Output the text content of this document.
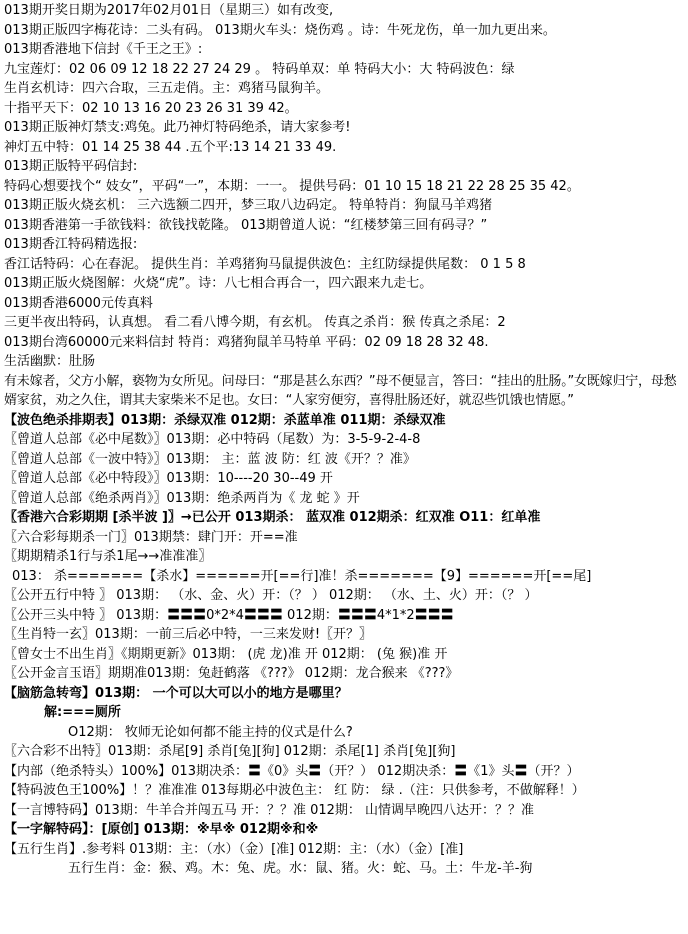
013期开奖日期为2017年02月01日（星期三）如有改变,
013期正版四字梅花诗：二头有码。 013期火车头：烧伤鸡 。诗：牛死龙伤，单一加九更出来。
013期香港地下信封《千王之王》:
九宝莲灯：02 06 09 12 18 22 27 24 29 。 特码单双：单 特码大小：大 特码波色：绿
生肖玄机诗：四六合取，三五走俏。主：鸡猪马鼠狗羊。
十指平天下：02 10 13 16 20 23 26 31 39 42。
013期正版神灯禁支:鸡兔。此乃神灯特码绝杀，请大家参考!
神灯五中特：01 14 25 38 44 .五个平:13 14 21 33 49.
013期正版特平码信封:
特码心想要找个“ 妓女”，平码“一”，本期：一一。 提供号码：01 10 15 18 21 22 28 25 35 42。
013期正版火烧玄机： 三六选额二四开，梦三取八边码定。 特单特肖：狗鼠马羊鸡猪
013期香港第一手欲钱料：欲钱找乾隆。 013期曾道人说：“红楼梦第三回有码寻？”
013期香江特码精选报:
香江话特码：心在春泥。 提供生肖：羊鸡猪狗马鼠提供波色：主红防绿提供尾数： 0 1 5 8
013期正版火烧图解：火烧“虎”。诗：八七相合再合一，四六跟来九走七。
013期香港6000元传真料
三更半夜出特码，认真想。 看二看八博今期，有玄机。 传真之杀肖：猴 传真之杀尾：2
013期台湾60000元来料信封 特肖：鸡猪狗鼠羊马特单 平码：02 09 18 28 32 48.
生活幽默：肚肠
有未嫁者，父方小解，亵物为女所见。问母曰：“那是甚么东西？”母不便显言，答曰：“挂出的肚肠。”女既嫁归宁，母愁婿家贫，劝之久住，谓其夫家柴米不足也。女曰：“人家穷便穷，喜得肚肠还好，就忍些饥饿也情愿。”
【波色绝杀排期表】013期：杀绿双准 012期：杀蓝单准 011期：杀绿双准
〖曾道人总部《必中尾数》〗013期：必中特码（尾数）为：3-5-9-2-4-8
〖曾道人总部《一波中特》〗013期： 主：蓝 波 防：红 波《开？？准》
〖曾道人总部《必中特段》〗013期：10----20 30--49 开
〖曾道人总部《绝杀两肖》〗013期：绝杀两肖为《 龙 蛇 》开
〖香港六合彩期期 [杀半波 ]〗→已公开 013期杀： 蓝双准 012期杀：红双准 O11：红单准
〖六合彩每期杀一门〗013期禁：肆门开：开==准
〖期期精杀1行与杀1尾→→准准准〗
013： 杀=======【杀水】======开[==行]准！杀=======【9】======开[==尾]
〖公开五行中特 〗 013期： （水、金、火）开：（？ ） 012期： （水、土、火）开：（？ ）
〖公开三头中特 〗 013期：〓〓〓0*2*4〓〓〓 012期：〓〓〓4*1*2〓〓〓
〖生肖特一玄〗013期：一前三后必中特，一三来发财!〖开？〗
〖曾女士不出生肖〗《期期更新》013期： (虎 龙)准 开 012期： (兔 猴)准 开
〖公开金言玉语〗期期准013期：兔赶鹤落 《???》 012期：龙合猴来 《???》
【脑筋急转弯】013期： 一个可以大可以小的地方是哪里？
解:===厕所
O12期： 牧师无论如何都不能主持的仪式是什么?
〖六合彩不出特〗013期：杀尾[9] 杀肖[兔][狗] 012期：杀尾[1] 杀肖[兔][狗]
【内部（绝杀特头）100%】013期决杀：〓《0》头〓（开？） 012期决杀：〓《1》头〓（开？）
【特码波色王100%】！？准准准 013每期必中波色主： 红 防： 绿 .（注：只供参考，不做解释！）
【一言博特码】013期：牛羊合并闯五马 开：？？准 012期： 山情调早晚四八达开：？？准
【一字解特码】：[原创] 013期：※早※ 012期※和※
【五行生肖】.参考料 013期：主：（水）（金）[准] 012期：主：（水）（金）[准]
五行生肖：金：猴、鸡。木：兔、虎。水：鼠、猪。火：蛇、马。土：牛龙-羊-狗
